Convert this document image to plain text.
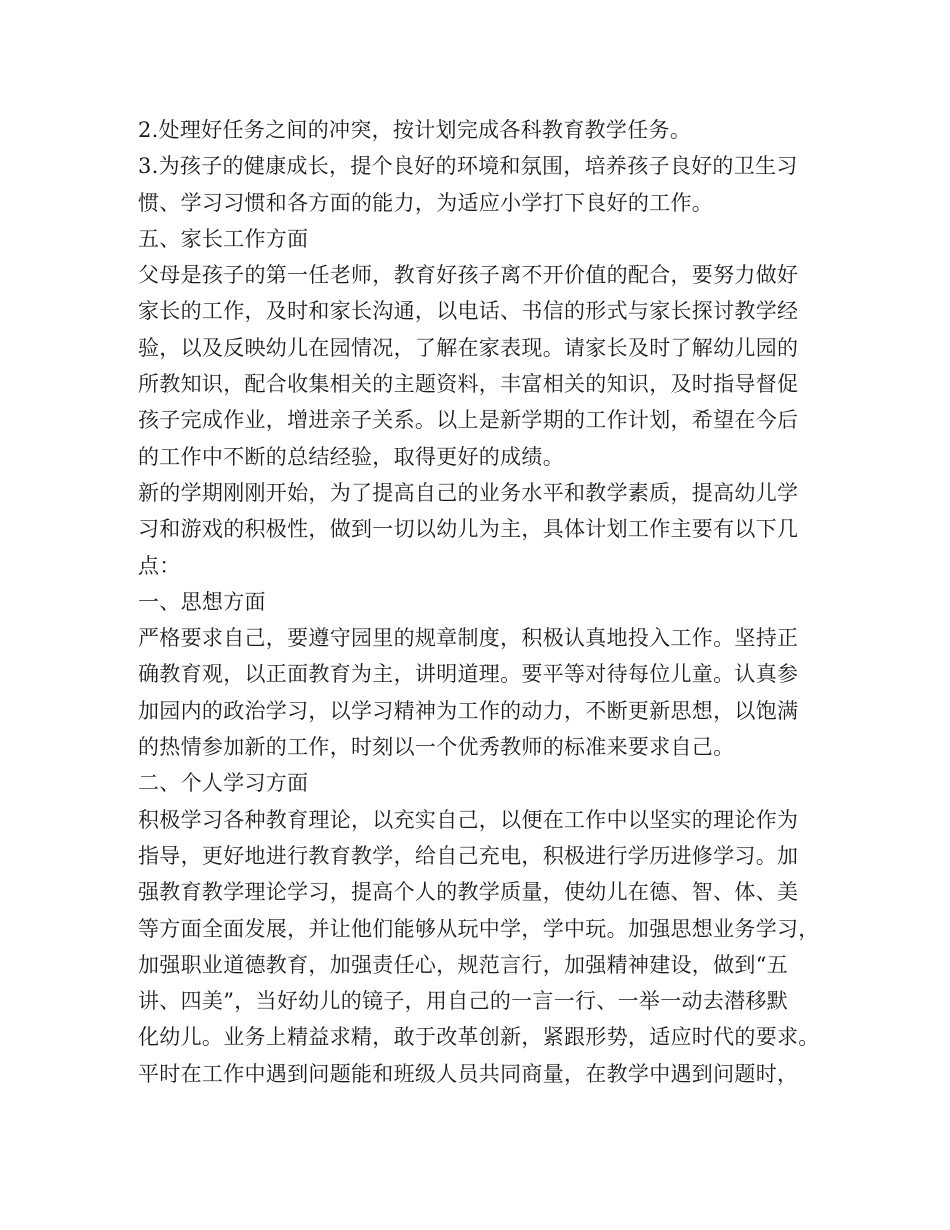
2.处理好任务之间的冲突，按计划完成各科教育教学任务。
3.为孩子的健康成长，提个良好的环境和氛围，培养孩子良好的卫生习
惯、学习习惯和各方面的能力，为适应小学打下良好的工作。
五、家长工作方面
父母是孩子的第一任老师，教育好孩子离不开价值的配合，要努力做好
家长的工作，及时和家长沟通，以电话、书信的形式与家长探讨教学经
验，以及反映幼儿在园情况，了解在家表现。请家长及时了解幼儿园的
所教知识，配合收集相关的主题资料，丰富相关的知识，及时指导督促
孩子完成作业，增进亲子关系。以上是新学期的工作计划，希望在今后
的工作中不断的总结经验，取得更好的成绩。
新的学期刚刚开始，为了提高自己的业务水平和教学素质，提高幼儿学
习和游戏的积极性，做到一切以幼儿为主，具体计划工作主要有以下几
点：
一、思想方面
严格要求自己，要遵守园里的规章制度，积极认真地投入工作。坚持正
确教育观，以正面教育为主，讲明道理。要平等对待每位儿童。认真参
加园内的政治学习，以学习精神为工作的动力，不断更新思想，以饱满
的热情参加新的工作，时刻以一个优秀教师的标准来要求自己。
二、个人学习方面
积极学习各种教育理论，以充实自己，以便在工作中以坚实的理论作为
指导，更好地进行教育教学，给自己充电，积极进行学历进修学习。加
强教育教学理论学习，提高个人的教学质量，使幼儿在德、智、体、美
等方面全面发展，并让他们能够从玩中学，学中玩。加强思想业务学习，
加强职业道德教育，加强责任心，规范言行，加强精神建设，做到“五
讲、四美”，当好幼儿的镜子，用自己的一言一行、一举一动去潜移默
化幼儿。业务上精益求精，敢于改革创新，紧跟形势，适应时代的要求。
平时在工作中遇到问题能和班级人员共同商量，在教学中遇到问题时，
